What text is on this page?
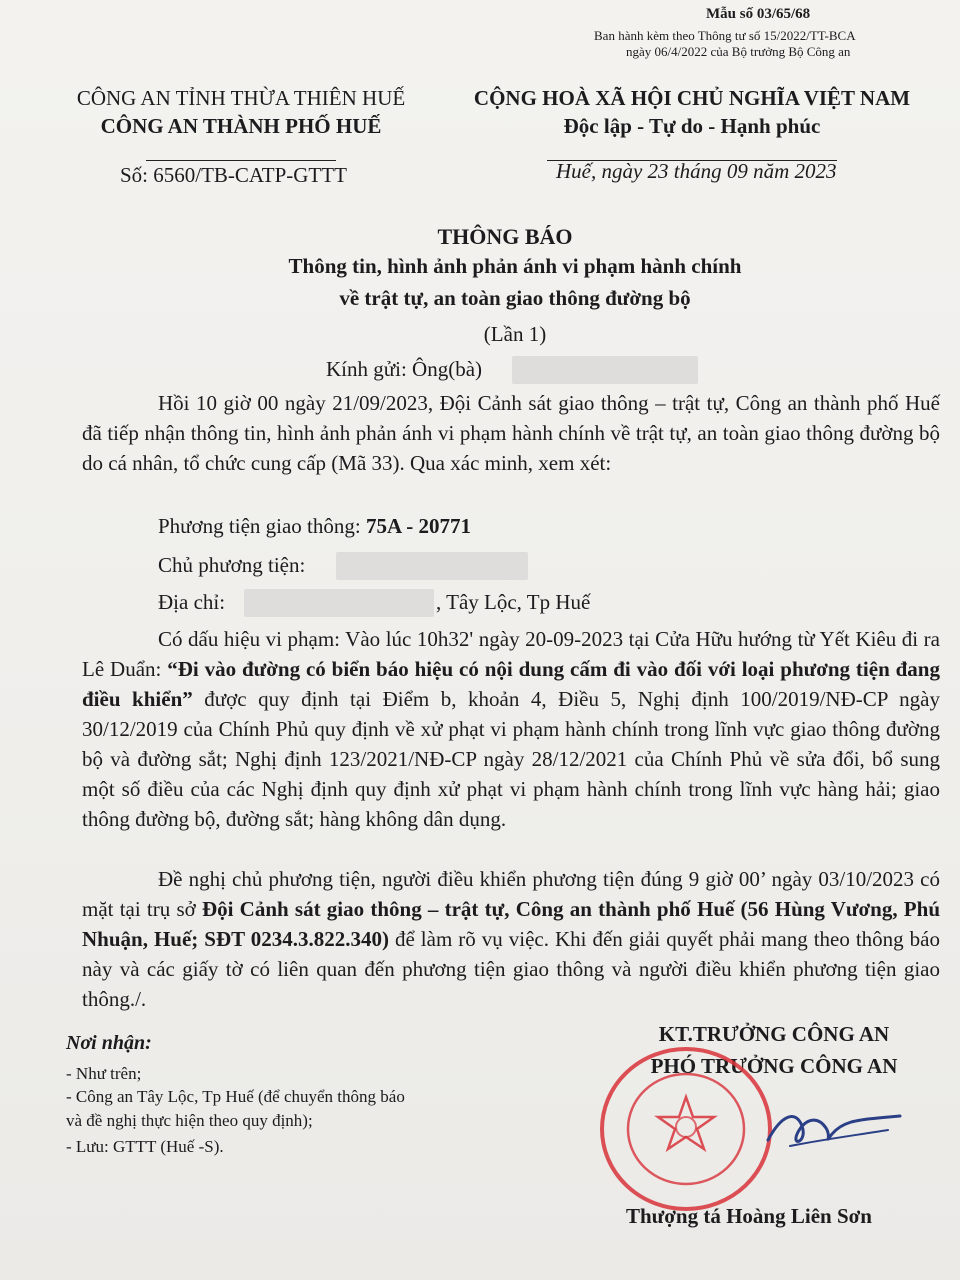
Mẫu số 03/65/68
Ban hành kèm theo Thông tư số 15/2022/TT-BCA
ngày 06/4/2022 của Bộ trưởng Bộ Công an
CÔNG AN TỈNH THỪA THIÊN HUẾ
CÔNG AN THÀNH PHỐ HUẾ
CỘNG HOÀ XÃ HỘI CHỦ NGHĨA VIỆT NAM
Độc lập - Tự do - Hạnh phúc
Số: 6560/TB-CATP-GTTT	Huế, ngày 23 tháng 09 năm 2023
THÔNG BÁO
Thông tin, hình ảnh phản ánh vi phạm hành chính
về trật tự, an toàn giao thông đường bộ
(Lần 1)
Kính gửi: Ông(bà)
Hồi 10 giờ 00 ngày 21/09/2023, Đội Cảnh sát giao thông – trật tự, Công an thành phố Huế đã tiếp nhận thông tin, hình ảnh phản ánh vi phạm hành chính về trật tự, an toàn giao thông đường bộ do cá nhân, tổ chức cung cấp (Mã 33). Qua xác minh, xem xét:
Phương tiện giao thông: 75A - 20771
Chủ phương tiện:
Địa chỉ:	, Tây Lộc, Tp Huế
Có dấu hiệu vi phạm: Vào lúc 10h32' ngày 20-09-2023 tại Cửa Hữu hướng từ Yết Kiêu đi ra Lê Duẩn: “Đi vào đường có biển báo hiệu có nội dung cấm đi vào đối với loại phương tiện đang điều khiển” được quy định tại Điểm b, khoản 4, Điều 5, Nghị định 100/2019/NĐ-CP ngày 30/12/2019 của Chính Phủ quy định về xử phạt vi phạm hành chính trong lĩnh vực giao thông đường bộ và đường sắt; Nghị định 123/2021/NĐ-CP ngày 28/12/2021 của Chính Phủ về sửa đổi, bổ sung một số điều của các Nghị định quy định xử phạt vi phạm hành chính trong lĩnh vực hàng hải; giao thông đường bộ, đường sắt; hàng không dân dụng.
Đề nghị chủ phương tiện, người điều khiển phương tiện đúng 9 giờ 00’ ngày 03/10/2023 có mặt tại trụ sở Đội Cảnh sát giao thông – trật tự, Công an thành phố Huế (56 Hùng Vương, Phú Nhuận, Huế; SĐT 0234.3.822.340) để làm rõ vụ việc. Khi đến giải quyết phải mang theo thông báo này và các giấy tờ có liên quan đến phương tiện giao thông và người điều khiển phương tiện giao thông./.
Nơi nhận:
- Như trên;
- Công an Tây Lộc, Tp Huế (để chuyển thông báo
và đề nghị thực hiện theo quy định);
- Lưu: GTTT (Huế -S).
KT.TRƯỞNG CÔNG AN
PHÓ TRƯỞNG CÔNG AN
Thượng tá Hoàng Liên Sơn
